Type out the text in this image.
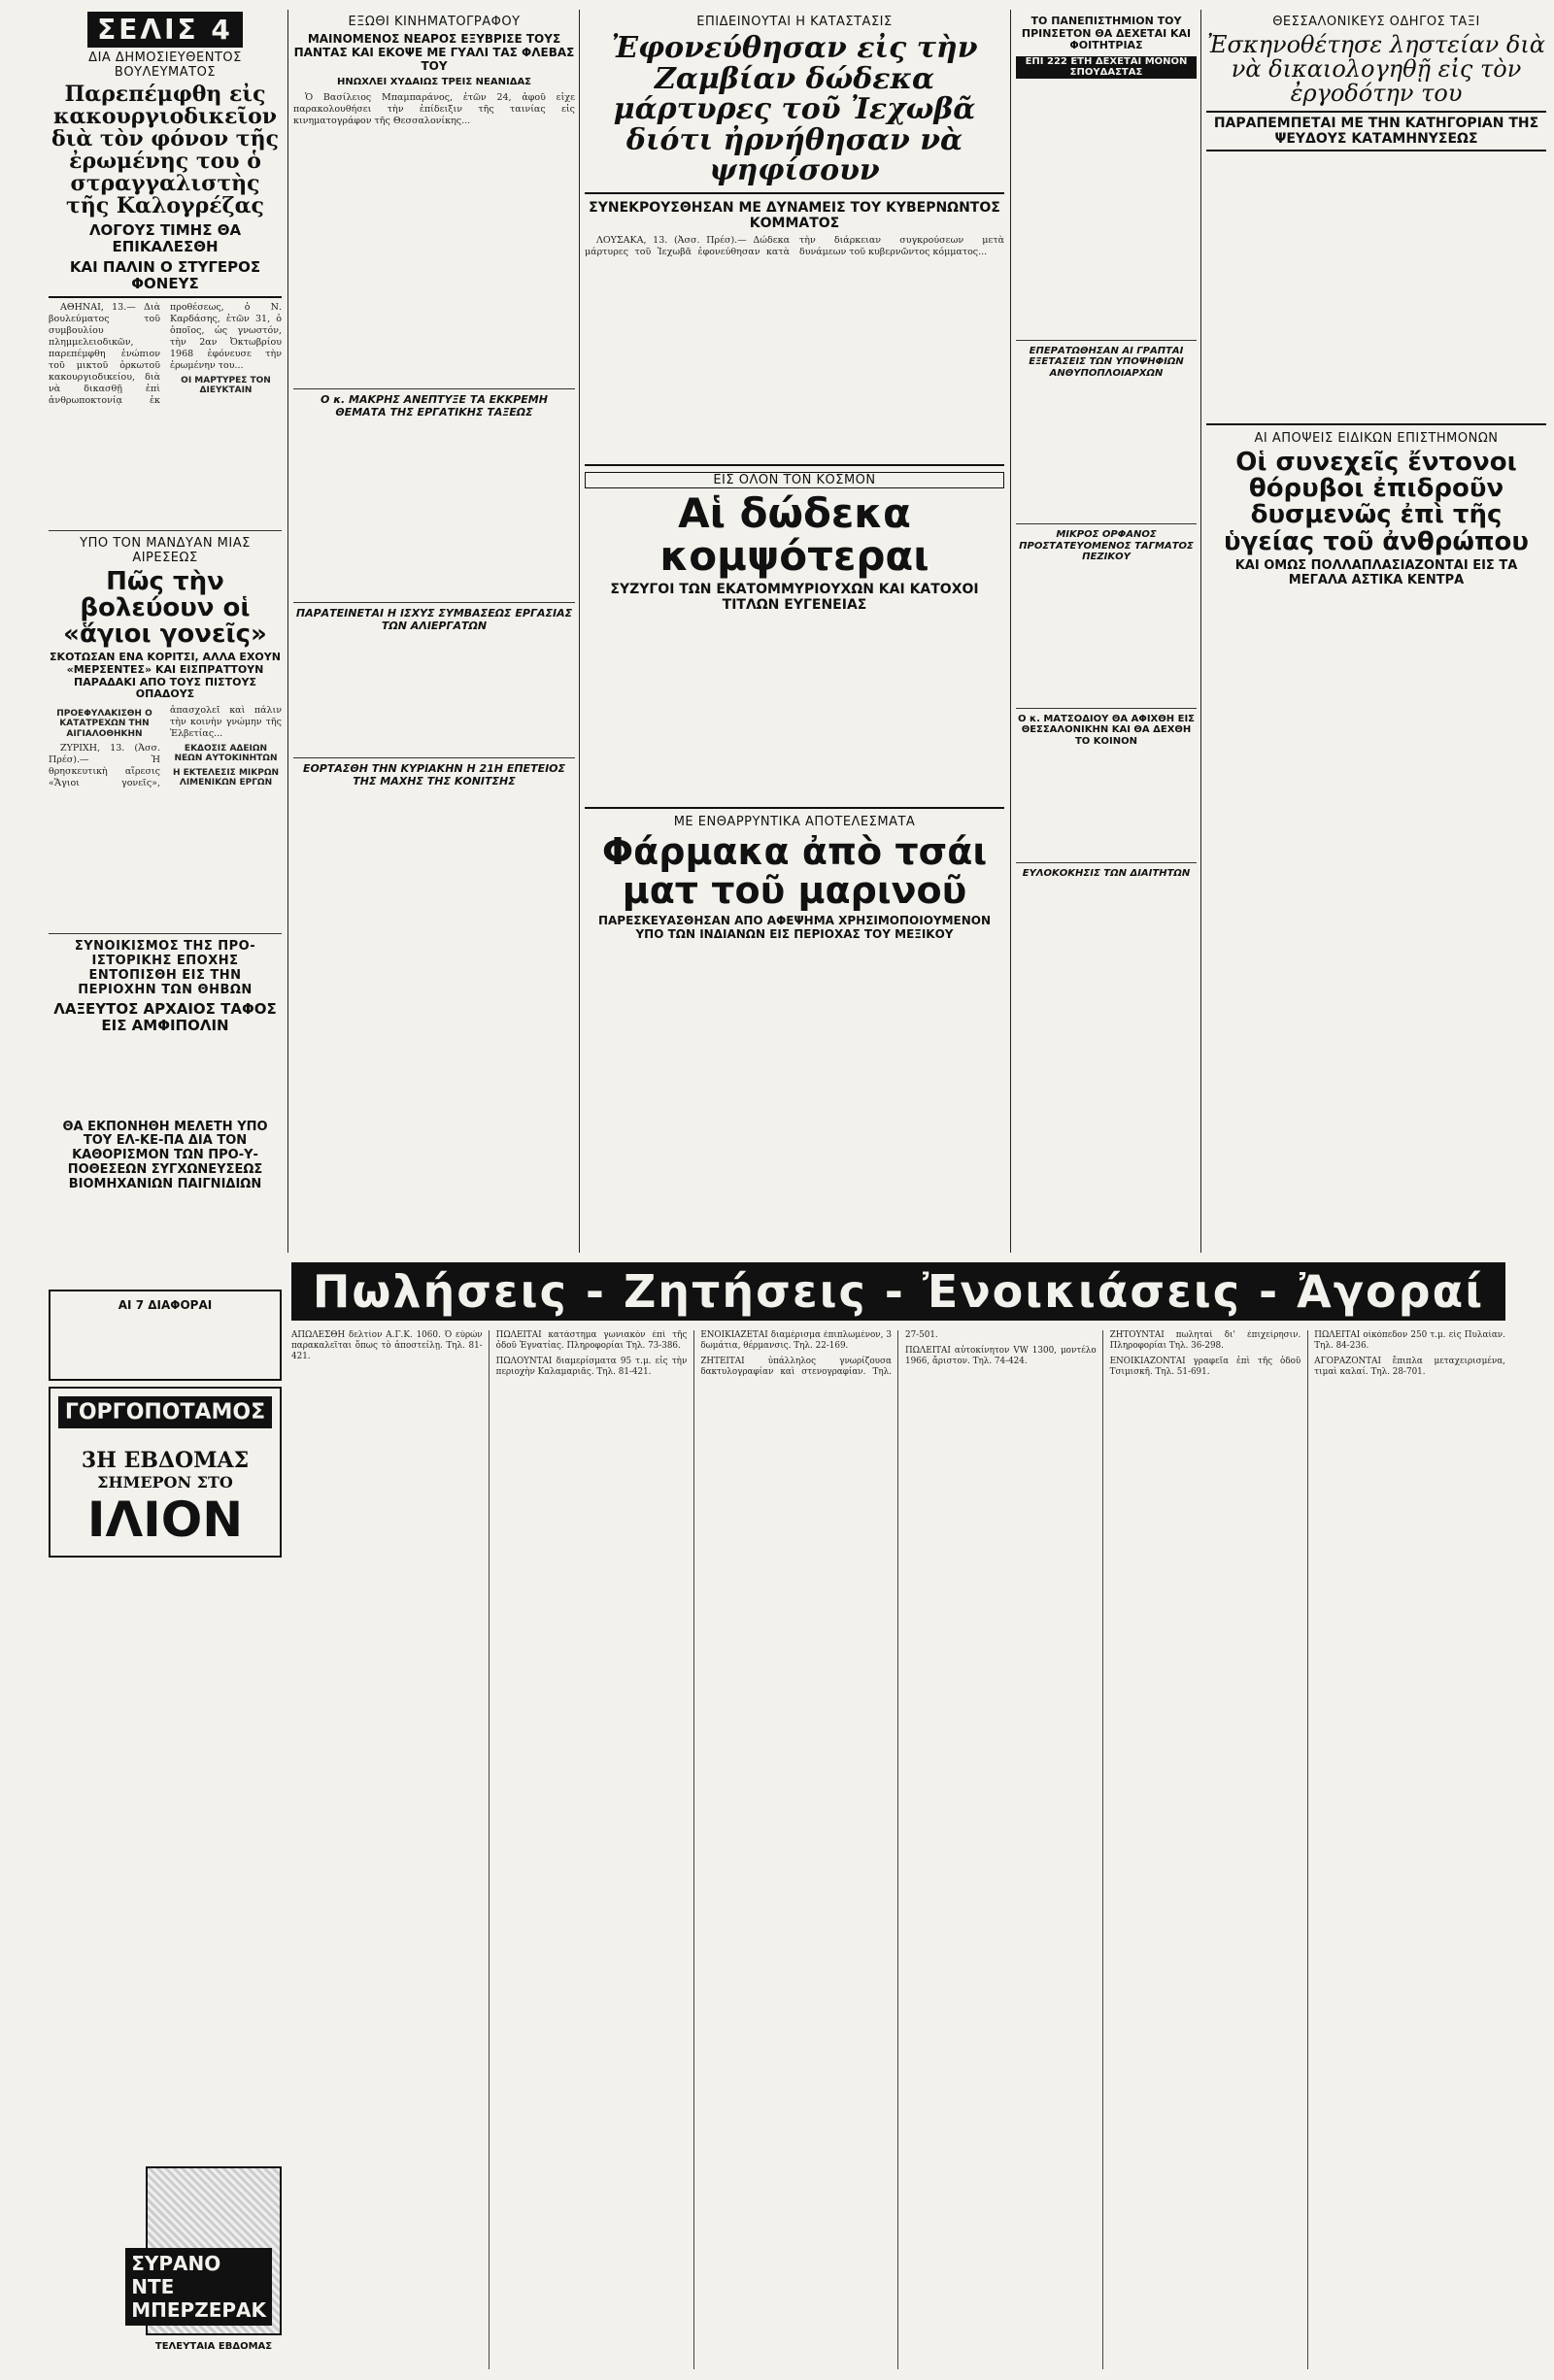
ΣΕΛΙΣ 4
ΔΙΑ ΔΗΜΟΣΙΕΥΘΕΝΤΟΣ ΒΟΥΛΕΥΜΑΤΟΣ
Παρεπέμφθη εἰς κακουργιοδικεῖον διὰ τὸν φόνον τῆς ἐρωμένης του ὁ στραγγαλιστὴς τῆς Καλογρέζας
ΛΟΓΟΥΣ ΤΙΜΗΣ ΘΑ ΕΠΙΚΑΛΕΣΘΗ
ΚΑΙ ΠΑΛΙΝ Ο ΣΤΥΓΕΡΟΣ ΦΟΝΕΥΣ

ΑΘΗΝΑΙ, 13.— Διὰ βουλεύματος τοῦ συμβουλίου πλημμελειοδικῶν, παρεπέμφθη ἐνώπιον τοῦ μικτοῦ ὁρκωτοῦ κακουργιοδικείου, διὰ νὰ δικασθῇ ἐπὶ ἀνθρωποκτονίᾳ ἐκ προθέσεως, ὁ Ν. Καρδάσης, ἐτῶν 31, ὁ ὁποῖος, ὡς γνωστόν, τὴν 2αν Ὀκτωβρίου 1968 ἐφόνευσε τὴν ἐρωμένην του...

ΟΙ ΜΑΡΤΥΡΕΣ ΤΟΝ ΔΙΕΥΚΤΑΙΝ
ΥΠΟ ΤΟΝ ΜΑΝΔΥΑΝ ΜΙΑΣ ΑΙΡΕΣΕΩΣ
Πῶς τὴν βολεύουν οἱ «ἅγιοι γονεῖς»
ΣΚΟΤΩΣΑΝ ΕΝΑ ΚΟΡΙΤΣΙ, ΑΛΛΑ ΕΧΟΥΝ «ΜΕΡΣΕΝΤΕΣ» ΚΑΙ ΕΙΣΠΡΑΤΤΟΥΝ ΠΑΡΑΔΑΚΙ ΑΠΟ ΤΟΥΣ ΠΙΣΤΟΥΣ ΟΠΑΔΟΥΣ
ΠΡΟΕΦΥΛΑΚΙΣΘΗ Ο ΚΑΤΑΤΡΕΧΩΝ ΤΗΝ ΑΙΓΙΑΛΟΘΗΚΗΝ

ΖΥΡΙΧΗ, 13. (Ἀσσ. Πρέσ).— Ἡ θρησκευτικὴ αἵρεσις «Ἅγιοι γονεῖς», ἀπασχολεῖ καὶ πάλιν τὴν κοινὴν γνώμην τῆς Ἑλβετίας...

ΕΚΔΟΣΙΣ ΑΔΕΙΩΝ ΝΕΩΝ ΑΥΤΟΚΙΝΗΤΩΝ
Η ΕΚΤΕΛΕΣΙΣ ΜΙΚΡΩΝ ΛΙΜΕΝΙΚΩΝ ΕΡΓΩΝ
ΣΥΝΟΙΚΙΣΜΟΣ ΤΗΣ ΠΡΟ-ΙΣΤΟΡΙΚΗΣ ΕΠΟΧΗΣ ΕΝΤΟΠΙΣΘΗ ΕΙΣ ΤΗΝ ΠΕΡΙΟΧΗΝ ΤΩΝ ΘΗΒΩΝ
ΛΑΞΕΥΤΟΣ ΑΡΧΑΙΟΣ ΤΑΦΟΣ ΕΙΣ ΑΜΦΙΠΟΛΙΝ
ΘΑ ΕΚΠΟΝΗΘΗ ΜΕΛΕΤΗ ΥΠΟ ΤΟΥ ΕΛ-ΚΕ-ΠΑ ΔΙΑ ΤΟΝ ΚΑΘΟΡΙΣΜΟΝ ΤΩΝ ΠΡΟ-Υ-ΠΟΘΕΣΕΩΝ ΣΥΓΧΩΝΕΥΣΕΩΣ ΒΙΟΜΗΧΑΝΙΩΝ ΠΑΙΓΝΙΔΙΩΝ
ΑΙ 7 ΔΙΑΦΟΡΑΙ
ΓΟΡΓΟΠΟΤΑΜΟΣ
3Η ΕΒΔΟΜΑΣ
ΣΗΜΕΡΟΝ ΣΤΟ
ΙΛΙΟΝ
ΕΞΩΘΙ ΚΙΝΗΜΑΤΟΓΡΑΦΟΥ
ΜΑΙΝΟΜΕΝΟΣ ΝΕΑΡΟΣ ΕΞΥΒΡΙΣΕ ΤΟΥΣ ΠΑΝΤΑΣ ΚΑΙ ΕΚΟΨΕ ΜΕ ΓΥΑΛΙ ΤΑΣ ΦΛΕΒΑΣ ΤΟΥ
ΗΝΩΧΛΕΙ ΧΥΔΑΙΩΣ ΤΡΕΙΣ ΝΕΑΝΙΔΑΣ

Ὁ Βασίλειος Μπαμπαράνος, ἐτῶν 24, ἀφοῦ εἶχε παρακολουθήσει τὴν ἐπίδειξιν τῆς ταινίας εἰς κινηματογράφον τῆς Θεσσαλονίκης...

Ο κ. ΜΑΚΡΗΣ ΑΝΕΠΤΥΞΕ ΤΑ ΕΚΚΡΕΜΗ ΘΕΜΑΤΑ ΤΗΣ ΕΡΓΑΤΙΚΗΣ ΤΑΞΕΩΣ
ΠΑΡΑΤΕΙΝΕΤΑΙ Η ΙΣΧΥΣ ΣΥΜΒΑΣΕΩΣ ΕΡΓΑΣΙΑΣ ΤΩΝ ΑΛΙΕΡΓΑΤΩΝ
ΕΟΡΤΑΣΘΗ ΤΗΝ ΚΥΡΙΑΚΗΝ Η 21Η ΕΠΕΤΕΙΟΣ ΤΗΣ ΜΑΧΗΣ ΤΗΣ ΚΟΝΙΤΣΗΣ
ΕΠΙΔΕΙΝΟΥΤΑΙ Η ΚΑΤΑΣΤΑΣΙΣ
Ἐφονεύθησαν εἰς τὴν Ζαμβίαν δώδεκα μάρτυρες τοῦ Ἰεχωβᾶ διότι ἠρνήθησαν νὰ ψηφίσουν
ΣΥΝΕΚΡΟΥΣΘΗΣΑΝ ΜΕ ΔΥΝΑΜΕΙΣ ΤΟΥ ΚΥΒΕΡΝΩΝΤΟΣ ΚΟΜΜΑΤΟΣ

ΛΟΥΣΑΚΑ, 13. (Ἀσσ. Πρέσ).— Δώδεκα μάρτυρες τοῦ Ἰεχωβᾶ ἐφονεύθησαν κατὰ τὴν διάρκειαν συγκρούσεων μετὰ δυνάμεων τοῦ κυβερνῶντος κόμματος...

ΕΙΣ ΟΛΟΝ ΤΟΝ ΚΟΣΜΟΝ
Αἱ δώδεκα κομψότεραι
ΣΥΖΥΓΟΙ ΤΩΝ ΕΚΑΤΟΜΜΥΡΙΟΥΧΩΝ ΚΑΙ ΚΑΤΟΧΟΙ ΤΙΤΛΩΝ ΕΥΓΕΝΕΙΑΣ
ΜΕ ΕΝΘΑΡΡΥΝΤΙΚΑ ΑΠΟΤΕΛΕΣΜΑΤΑ
Φάρμακα ἀπὸ τσάι ματ τοῦ μαρινοῦ
ΠΑΡΕΣΚΕΥΑΣΘΗΣΑΝ ΑΠΟ ΑΦΕΨΗΜΑ ΧΡΗΣΙΜΟΠΟΙΟΥΜΕΝΟΝ ΥΠΟ ΤΩΝ ΙΝΔΙΑΝΩΝ ΕΙΣ ΠΕΡΙΟΧΑΣ ΤΟΥ ΜΕΞΙΚΟΥ
ΤΟ ΠΑΝΕΠΙΣΤΗΜΙΟΝ ΤΟΥ ΠΡΙΝΣΕΤΟΝ ΘΑ ΔΕΧΕΤΑΙ ΚΑΙ ΦΟΙΤΗΤΡΙΑΣ
ΕΠΙ 222 ΕΤΗ ΔΕΧΕΤΑΙ ΜΟΝΟΝ ΣΠΟΥΔΑΣΤΑΣ
ΕΠΕΡΑΤΩΘΗΣΑΝ ΑΙ ΓΡΑΠΤΑΙ ΕΞΕΤΑΣΕΙΣ ΤΩΝ ΥΠΟΨΗΦΙΩΝ ΑΝΘΥΠΟΠΛΟΙΑΡΧΩΝ
ΜΙΚΡΟΣ ΟΡΦΑΝΟΣ ΠΡΟΣΤΑΤΕΥΟΜΕΝΟΣ ΤΑΓΜΑΤΟΣ ΠΕΖΙΚΟΥ
Ο κ. ΜΑΤΣΟΔΙΟΥ ΘΑ ΑΦΙΧΘΗ ΕΙΣ ΘΕΣΣΑΛΟΝΙΚΗΝ ΚΑΙ ΘΑ ΔΕΧΘΗ ΤΟ ΚΟΙΝΟΝ
ΕΥΛΟΚΟΚΗΣΙΣ ΤΩΝ ΔΙΑΙΤΗΤΩΝ
ΘΕΣΣΑΛΟΝΙΚΕΥΣ ΟΔΗΓΟΣ ΤΑΞΙ
Ἐσκηνοθέτησε ληστείαν διὰ νὰ δικαιολογηθῇ εἰς τὸν ἐργοδότην του
ΠΑΡΑΠΕΜΠΕΤΑΙ ΜΕ ΤΗΝ ΚΑΤΗΓΟΡΙΑΝ ΤΗΣ ΨΕΥΔΟΥΣ ΚΑΤΑΜΗΝΥΣΕΩΣ
ΑΙ ΑΠΟΨΕΙΣ ΕΙΔΙΚΩΝ ΕΠΙΣΤΗΜΟΝΩΝ
Οἱ συνεχεῖς ἔντονοι θόρυβοι ἐπιδροῦν δυσμενῶς ἐπὶ τῆς ὑγείας τοῦ ἀνθρώπου
ΚΑΙ ΟΜΩΣ ΠΟΛΛΑΠΛΑΣΙΑΖΟΝΤΑΙ ΕΙΣ ΤΑ ΜΕΓΑΛΑ ΑΣΤΙΚΑ ΚΕΝΤΡΑ
Πωλήσεις - Ζητήσεις - Ἐνοικιάσεις - Ἀγοραί

ΑΠΩΛΕΣΘΗ δελτίον Α.Γ.Κ. 1060. Ὁ εὑρών παρακαλεῖται ὅπως τὸ ἀποστείλῃ. Τηλ. 81-421.

ΠΩΛΕΙΤΑΙ κατάστημα γωνιακὸν ἐπὶ τῆς ὁδοῦ Ἐγνατίας. Πληροφορίαι Τηλ. 73-386.

ΠΩΛΟΥΝΤΑΙ διαμερίσματα 95 τ.μ. εἰς τὴν περιοχὴν Καλαμαριᾶς. Τηλ. 81-421.

ΕΝΟΙΚΙΑΖΕΤΑΙ διαμέρισμα ἐπιπλωμένον, 3 δωμάτια, θέρμανσις. Τηλ. 22-169.

ΖΗΤΕΙΤΑΙ ὑπάλληλος γνωρίζουσα δακτυλογραφίαν καὶ στενογραφίαν. Τηλ. 27-501.

ΠΩΛΕΙΤΑΙ αὐτοκίνητον VW 1300, μοντέλο 1966, ἄριστον. Τηλ. 74-424.

ΖΗΤΟΥΝΤΑΙ πωληταὶ δι' ἐπιχείρησιν. Πληροφορίαι Τηλ. 36-298.

ΕΝΟΙΚΙΑΖΟΝΤΑΙ γραφεῖα ἐπὶ τῆς ὁδοῦ Τσιμισκῆ. Τηλ. 51-691.

ΠΩΛΕΙΤΑΙ οἰκόπεδον 250 τ.μ. εἰς Πυλαίαν. Τηλ. 84-236.

ΑΓΟΡΑΖΟΝΤΑΙ ἔπιπλα μεταχειρισμένα, τιμαὶ καλαί. Τηλ. 28-701.

ΣΥΡΑΝΟ ΝΤΕ ΜΠΕΡΖΕΡΑΚ
ΤΕΛΕΥΤΑΙΑ ΕΒΔΟΜΑΣ
